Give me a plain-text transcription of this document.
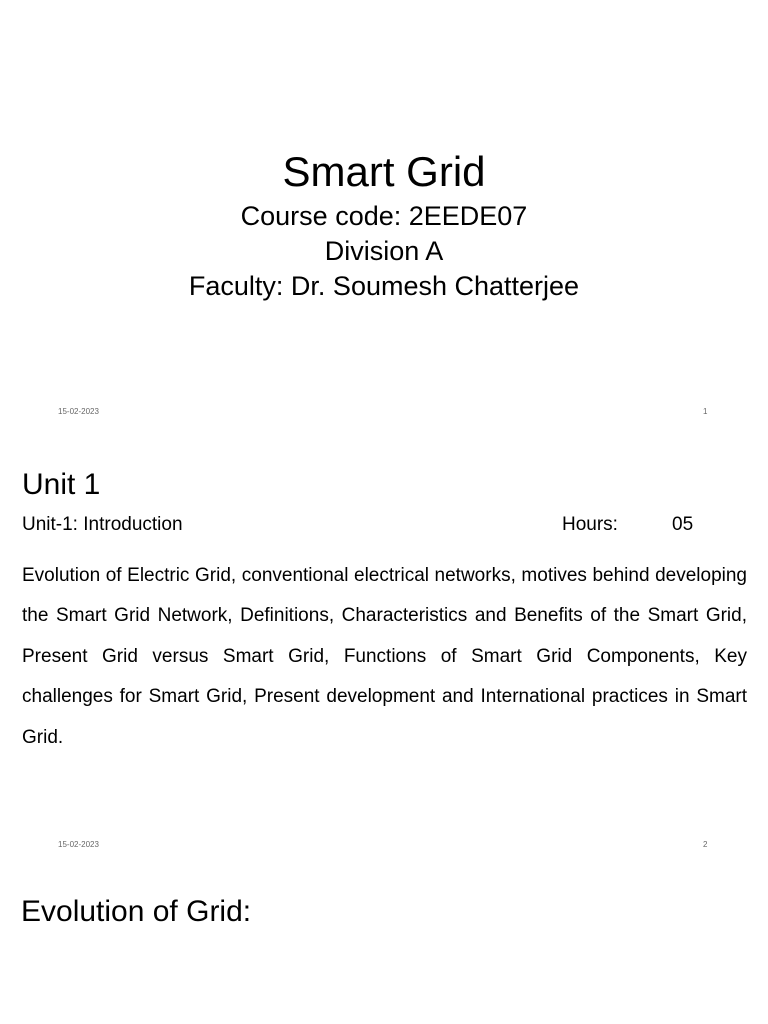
Smart Grid
Course code: 2EEDE07
Division A
Faculty: Dr. Soumesh Chatterjee
15-02-2023	1
Unit 1
Unit-1: Introduction	Hours:	05

Evolution of Electric Grid, conventional electrical networks, motives behind developing the Smart Grid Network, Definitions, Characteristics and Benefits of the Smart Grid, Present Grid versus Smart Grid, Functions of Smart Grid Components, Key challenges for Smart Grid, Present development and International practices in Smart Grid.

15-02-2023	2
Evolution of Grid:
